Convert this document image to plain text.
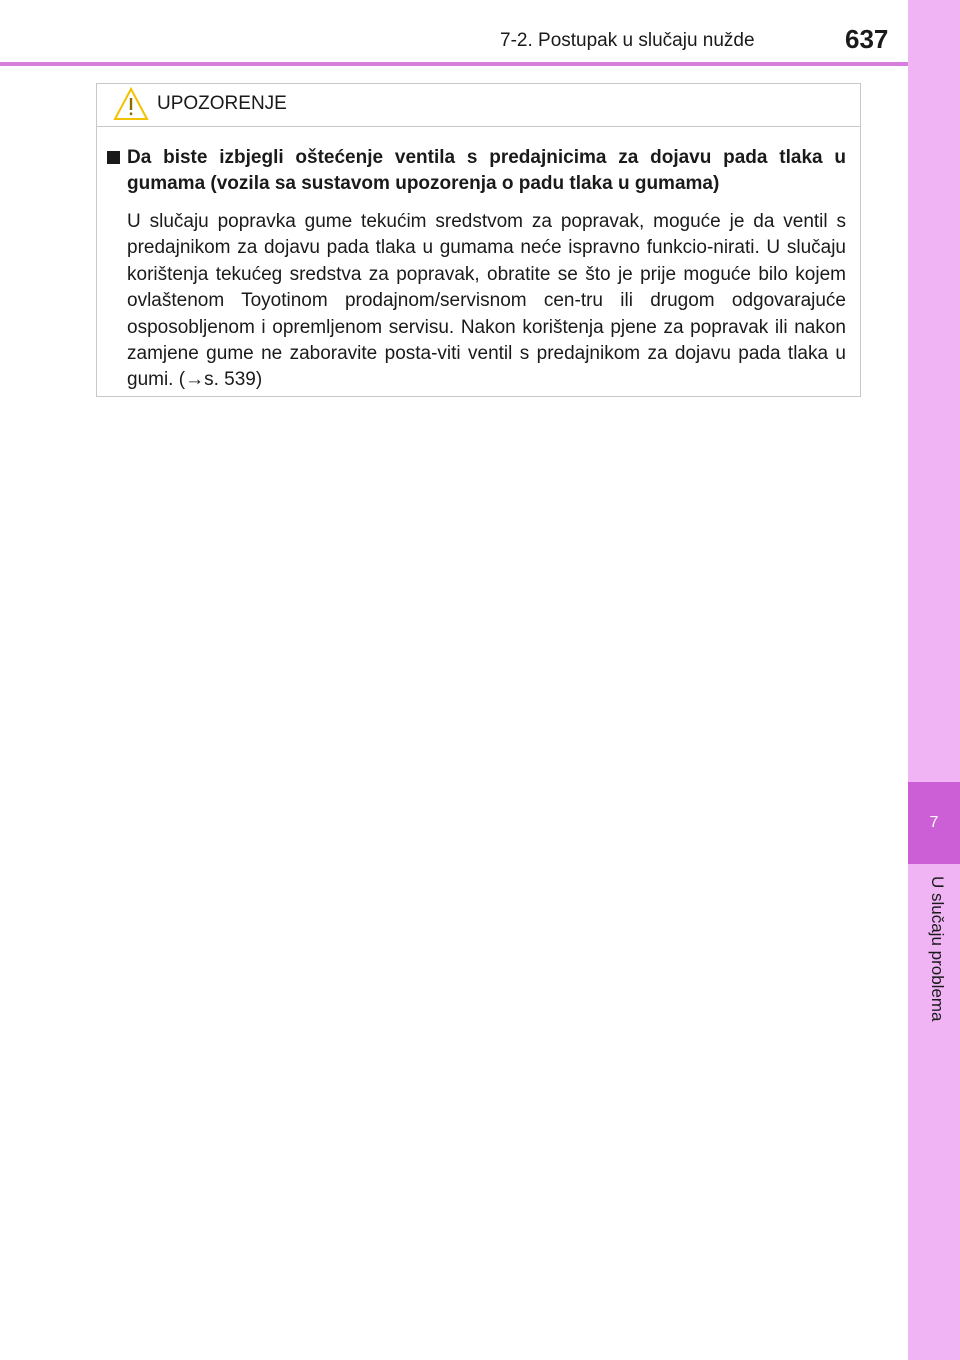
7
U slučaju problema
7-2. Postupak u slučaju nužde	637
UPOZORENJE
Da biste izbjegli oštećenje ventila s predajnicima za dojavu pada tlaka u gumama (vozila sa sustavom upozorenja o padu tlaka u gumama)

U slučaju popravka gume tekućim sredstvom za popravak, moguće je da ventil s predajnikom za dojavu pada tlaka u gumama neće ispravno funkcio-nirati. U slučaju korištenja tekućeg sredstva za popravak, obratite se što je prije moguće bilo kojem ovlaštenom Toyotinom prodajnom/servisnom cen-tru ili drugom odgovarajuće osposobljenom i opremljenom servisu. Nakon korištenja pjene za popravak ili nakon zamjene gume ne zaboravite posta-viti ventil s predajnikom za dojavu pada tlaka u gumi. (→s. 539)
